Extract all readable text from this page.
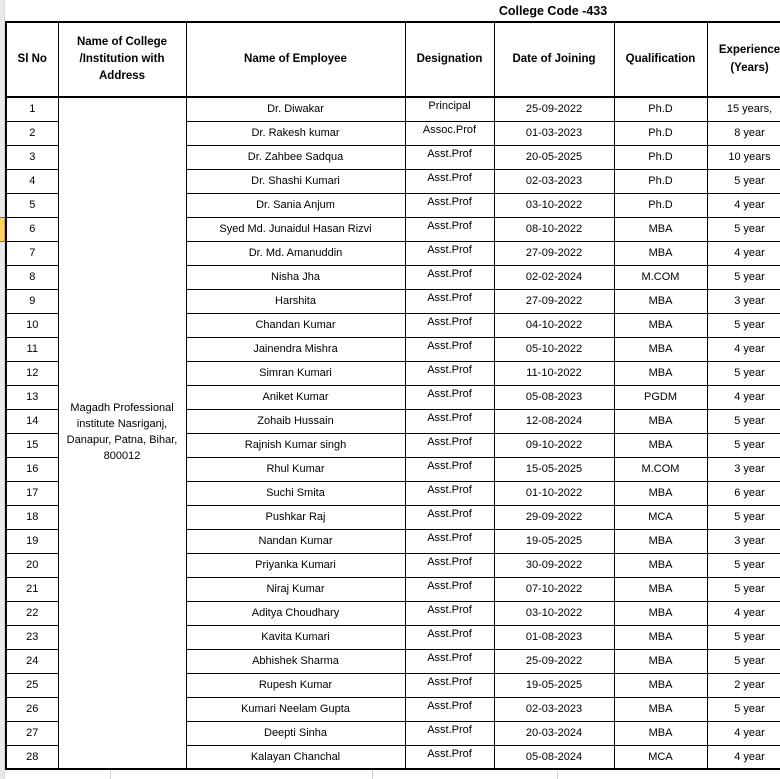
College Code -433
Sl No	Name of College /Institution with Address	Name of Employee	Designation	Date of Joining	Qualification	Experience (Years)
1	Magadh Professional institute Nasriganj, Danapur, Patna, Bihar, 800012	Dr. Diwakar	Principal	25-09-2022	Ph.D	15 years,
2		Dr. Rakesh kumar	Assoc.Prof	01-03-2023	Ph.D	8 year
3		Dr. Zahbee Sadqua	Asst.Prof	20-05-2025	Ph.D	10 years
4		Dr. Shashi Kumari	Asst.Prof	02-03-2023	Ph.D	5 year
5		Dr. Sania Anjum	Asst.Prof	03-10-2022	Ph.D	4 year
6		Syed Md. Junaidul Hasan Rizvi	Asst.Prof	08-10-2022	MBA	5 year
7		Dr. Md. Amanuddin	Asst.Prof	27-09-2022	MBA	4 year
8		Nisha Jha	Asst.Prof	02-02-2024	M.COM	5 year
9		Harshita	Asst.Prof	27-09-2022	MBA	3 year
10		Chandan Kumar	Asst.Prof	04-10-2022	MBA	5 year
11		Jainendra Mishra	Asst.Prof	05-10-2022	MBA	4 year
12		Simran Kumari	Asst.Prof	11-10-2022	MBA	5 year
13		Aniket Kumar	Asst.Prof	05-08-2023	PGDM	4 year
14		Zohaib Hussain	Asst.Prof	12-08-2024	MBA	5 year
15		Rajnish Kumar singh	Asst.Prof	09-10-2022	MBA	5 year
16		Rhul Kumar	Asst.Prof	15-05-2025	M.COM	3 year
17		Suchi Smita	Asst.Prof	01-10-2022	MBA	6 year
18		Pushkar Raj	Asst.Prof	29-09-2022	MCA	5 year
19		Nandan Kumar	Asst.Prof	19-05-2025	MBA	3 year
20		Priyanka Kumari	Asst.Prof	30-09-2022	MBA	5 year
21		Niraj Kumar	Asst.Prof	07-10-2022	MBA	5 year
22		Aditya Choudhary	Asst.Prof	03-10-2022	MBA	4 year
23		Kavita Kumari	Asst.Prof	01-08-2023	MBA	5 year
24		Abhishek Sharma	Asst.Prof	25-09-2022	MBA	5 year
25		Rupesh Kumar	Asst.Prof	19-05-2025	MBA	2 year
26		Kumari Neelam Gupta	Asst.Prof	02-03-2023	MBA	5 year
27		Deepti Sinha	Asst.Prof	20-03-2024	MBA	4 year
28		Kalayan Chanchal	Asst.Prof	05-08-2024	MCA	4 year
